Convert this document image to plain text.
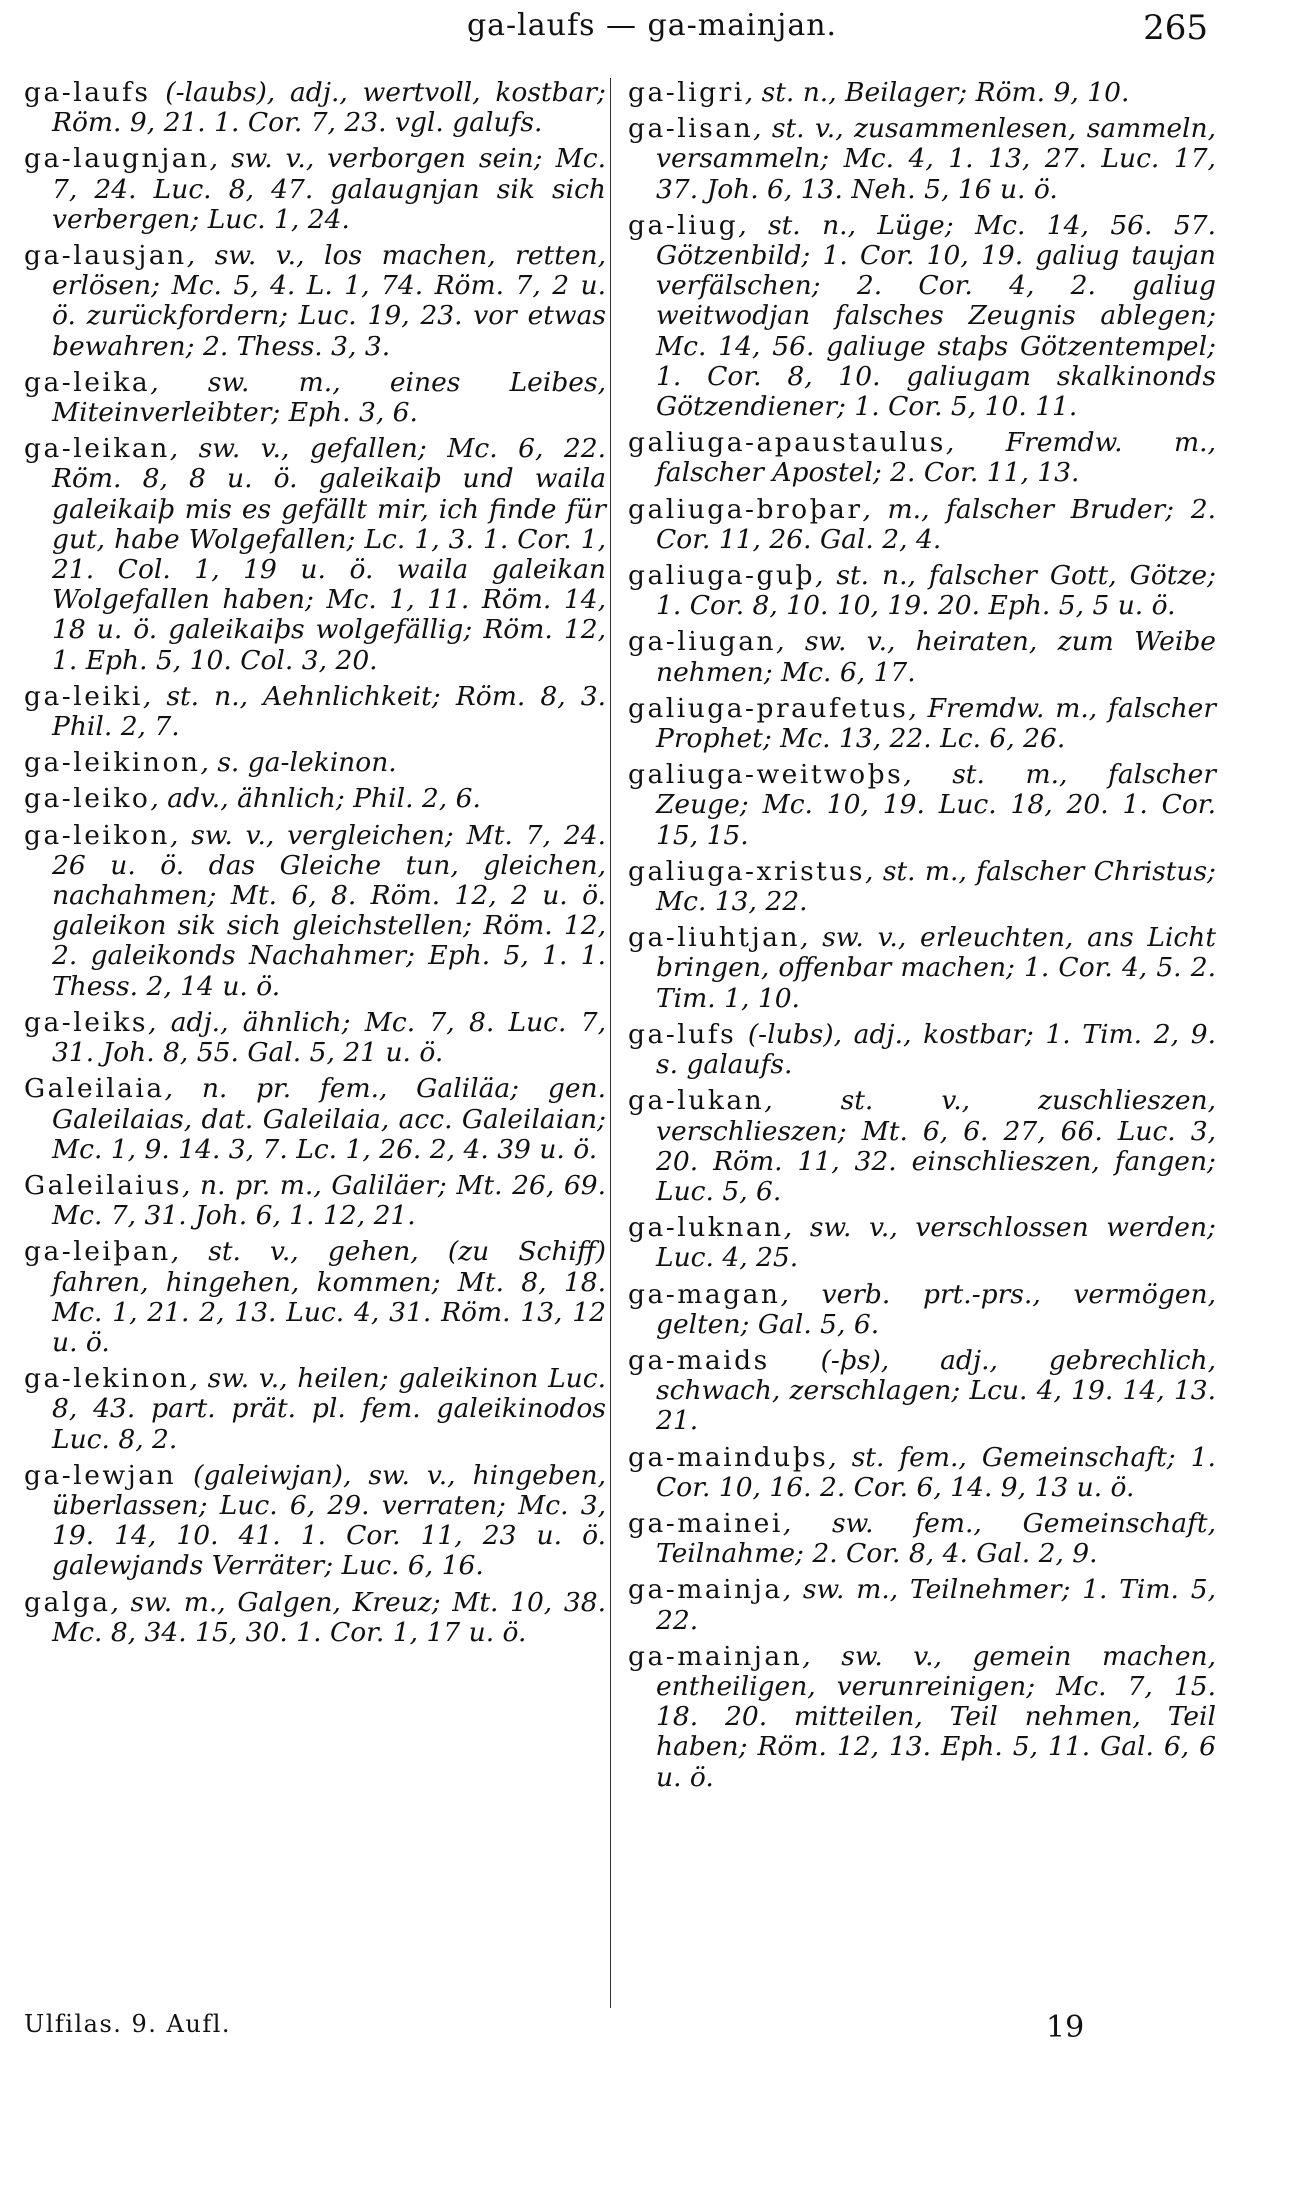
ga-laufs — ga-mainjan.	265
ga-laufs (-laubs), adj., wertvoll, kostbar; Röm. 9, 21. 1. Cor. 7, 23. vgl. galufs.
ga-laugnjan, sw. v., verborgen sein; Mc. 7, 24. Luc. 8, 47. galaugnjan sik sich verbergen; Luc. 1, 24.
ga-lausjan, sw. v., los machen, retten, erlösen; Mc. 5, 4. L. 1, 74. Röm. 7, 2 u. ö. zurückfordern; Luc. 19, 23. vor etwas bewahren; 2. Thess. 3, 3.
ga-leika, sw. m., eines Leibes, Miteinverleibter; Eph. 3, 6.
ga-leikan, sw. v., gefallen; Mc. 6, 22. Röm. 8, 8 u. ö. galeikaiþ und waila galeikaiþ mis es gefällt mir, ich finde für gut, habe Wolgefallen; Lc. 1, 3. 1. Cor. 1, 21. Col. 1, 19 u. ö. waila galeikan Wolgefallen haben; Mc. 1, 11. Röm. 14, 18 u. ö. galeikaiþs wolgefällig; Röm. 12, 1. Eph. 5, 10. Col. 3, 20.
ga-leiki, st. n., Aehnlichkeit; Röm. 8, 3. Phil. 2, 7.
ga-leikinon, s. ga-lekinon.
ga-leiko, adv., ähnlich; Phil. 2, 6.
ga-leikon, sw. v., vergleichen; Mt. 7, 24. 26 u. ö. das Gleiche tun, gleichen, nachahmen; Mt. 6, 8. Röm. 12, 2 u. ö. galeikon sik sich gleichstellen; Röm. 12, 2. galeikonds Nachahmer; Eph. 5, 1. 1. Thess. 2, 14 u. ö.
ga-leiks, adj., ähnlich; Mc. 7, 8. Luc. 7, 31. Joh. 8, 55. Gal. 5, 21 u. ö.
Galeilaia, n. pr. fem., Galiläa; gen. Galeilaias, dat. Galeilaia, acc. Galeilaian; Mc. 1, 9. 14. 3, 7. Lc. 1, 26. 2, 4. 39 u. ö.
Galeilaius, n. pr. m., Galiläer; Mt. 26, 69. Mc. 7, 31. Joh. 6, 1. 12, 21.
ga-leiþan, st. v., gehen, (zu Schiff) fahren, hingehen, kommen; Mt. 8, 18. Mc. 1, 21. 2, 13. Luc. 4, 31. Röm. 13, 12 u. ö.
ga-lekinon, sw. v., heilen; galeikinon Luc. 8, 43. part. prät. pl. fem. galeikinodos Luc. 8, 2.
ga-lewjan (galeiwjan), sw. v., hingeben, überlassen; Luc. 6, 29. verraten; Mc. 3, 19. 14, 10. 41. 1. Cor. 11, 23 u. ö. galewjands Verräter; Luc. 6, 16.
galga, sw. m., Galgen, Kreuz; Mt. 10, 38. Mc. 8, 34. 15, 30. 1. Cor. 1, 17 u. ö.
ga-ligri, st. n., Beilager; Röm. 9, 10.
ga-lisan, st. v., zusammenlesen, sammeln, versammeln; Mc. 4, 1. 13, 27. Luc. 17, 37. Joh. 6, 13. Neh. 5, 16 u. ö.
ga-liug, st. n., Lüge; Mc. 14, 56. 57. Götzenbild; 1. Cor. 10, 19. galiug taujan verfälschen; 2. Cor. 4, 2. galiug weitwodjan falsches Zeugnis ablegen; Mc. 14, 56. galiuge staþs Götzentempel; 1. Cor. 8, 10. galiugam skalkinonds Götzendiener; 1. Cor. 5, 10. 11.
galiuga-apaustaulus, Fremdw. m., falscher Apostel; 2. Cor. 11, 13.
galiuga-broþar, m., falscher Bruder; 2. Cor. 11, 26. Gal. 2, 4.
galiuga-guþ, st. n., falscher Gott, Götze; 1. Cor. 8, 10. 10, 19. 20. Eph. 5, 5 u. ö.
ga-liugan, sw. v., heiraten, zum Weibe nehmen; Mc. 6, 17.
galiuga-praufetus, Fremdw. m., falscher Prophet; Mc. 13, 22. Lc. 6, 26.
galiuga-weitwoþs, st. m., falscher Zeuge; Mc. 10, 19. Luc. 18, 20. 1. Cor. 15, 15.
galiuga-xristus, st. m., falscher Christus; Mc. 13, 22.
ga-liuhtjan, sw. v., erleuchten, ans Licht bringen, offenbar machen; 1. Cor. 4, 5. 2. Tim. 1, 10.
ga-lufs (-lubs), adj., kostbar; 1. Tim. 2, 9. s. galaufs.
ga-lukan, st. v., zuschlieszen, verschlieszen; Mt. 6, 6. 27, 66. Luc. 3, 20. Röm. 11, 32. einschlieszen, fangen; Luc. 5, 6.
ga-luknan, sw. v., verschlossen werden; Luc. 4, 25.
ga-magan, verb. prt.-prs., vermögen, gelten; Gal. 5, 6.
ga-maids (-þs), adj., gebrechlich, schwach, zerschlagen; Lcu. 4, 19. 14, 13. 21.
ga-mainduþs, st. fem., Gemeinschaft; 1. Cor. 10, 16. 2. Cor. 6, 14. 9, 13 u. ö.
ga-mainei, sw. fem., Gemeinschaft, Teilnahme; 2. Cor. 8, 4. Gal. 2, 9.
ga-mainja, sw. m., Teilnehmer; 1. Tim. 5, 22.
ga-mainjan, sw. v., gemein machen, entheiligen, verunreinigen; Mc. 7, 15. 18. 20. mitteilen, Teil nehmen, Teil haben; Röm. 12, 13. Eph. 5, 11. Gal. 6, 6 u. ö.
Ulfilas. 9. Aufl.	19
